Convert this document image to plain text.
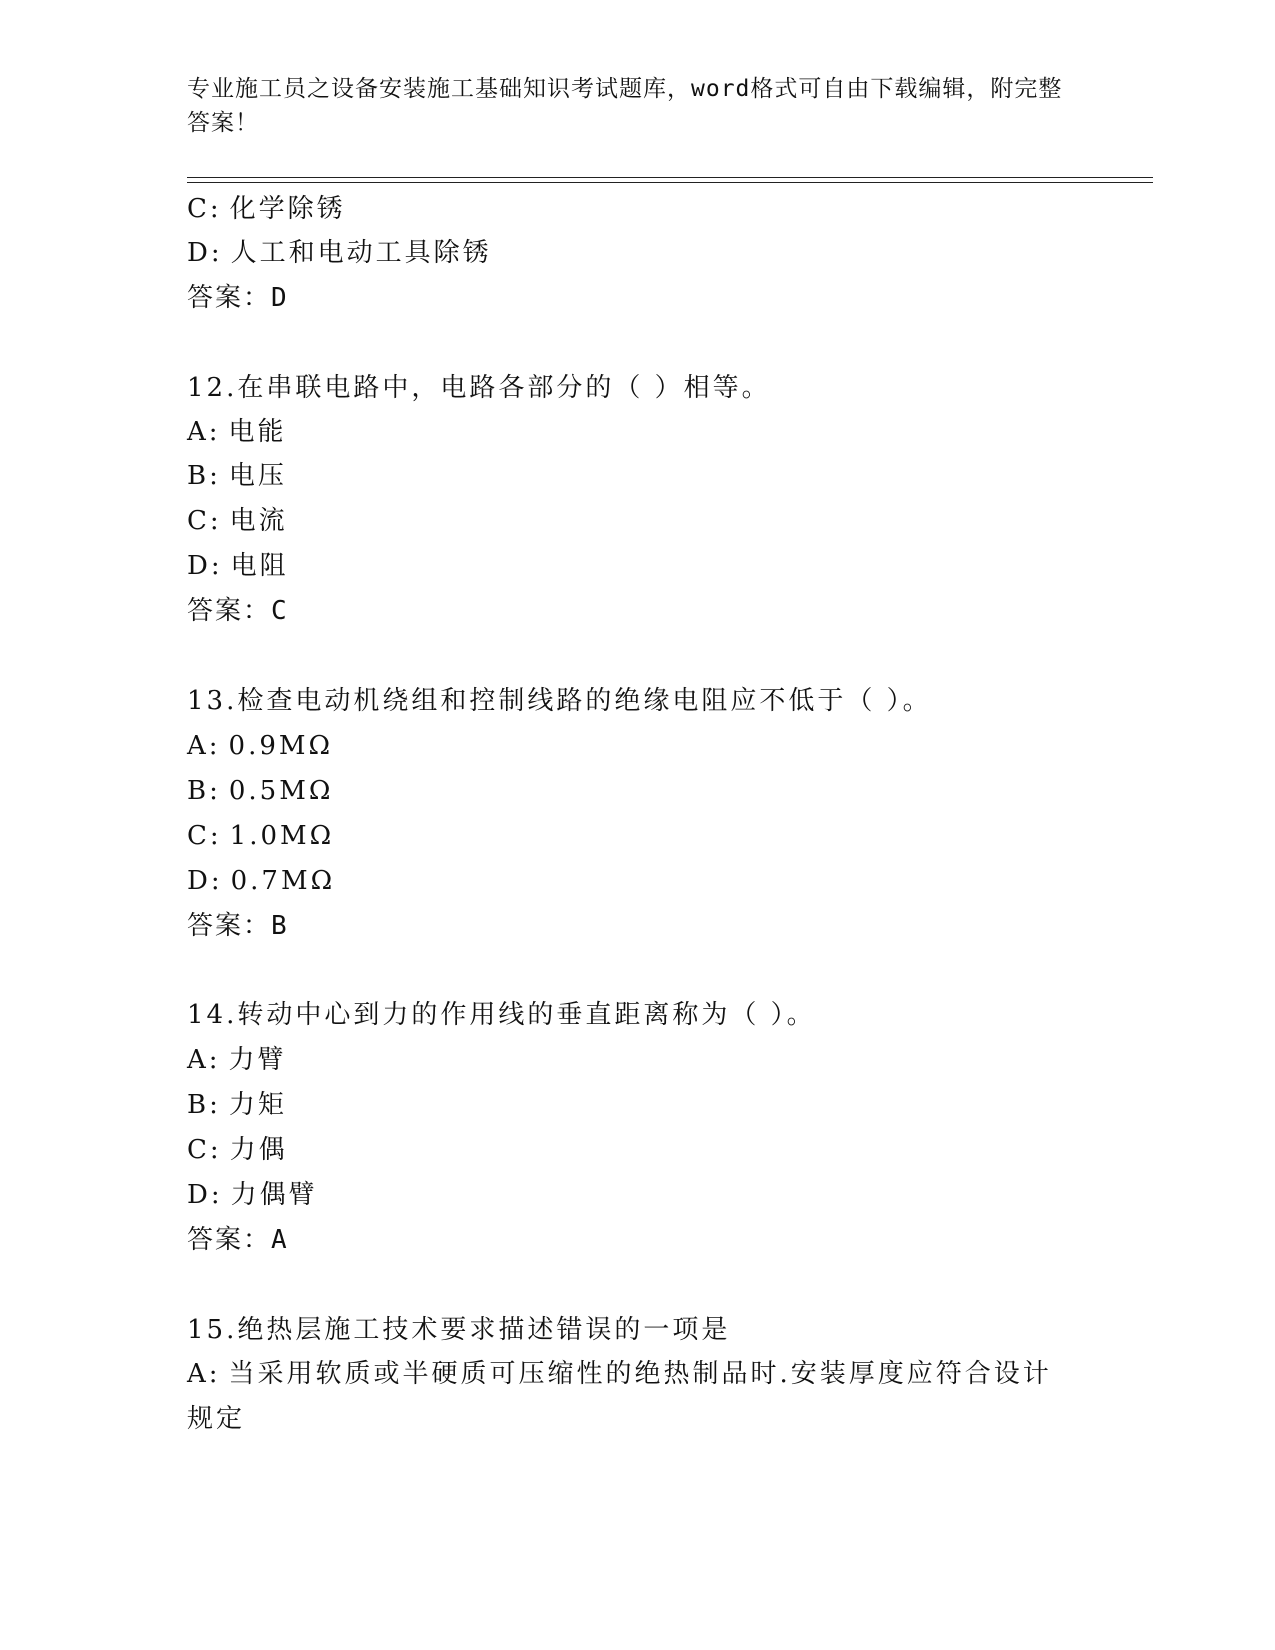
专业施工员之设备安装施工基础知识考试题库，word格式可自由下载编辑，附完整答案！
C: 化学除锈
D: 人工和电动工具除锈
答案：D
12.在串联电路中，电路各部分的（ ）相等。
A: 电能
B: 电压
C: 电流
D: 电阻
答案：C
13.检查电动机绕组和控制线路的绝缘电阻应不低于（ ）。
A: 0.9MΩ
B: 0.5MΩ
C: 1.0MΩ
D: 0.7MΩ
答案：B
14.转动中心到力的作用线的垂直距离称为（ ）。
A: 力臂
B: 力矩
C: 力偶
D: 力偶臂
答案：A
15.绝热层施工技术要求描述错误的一项是
A: 当采用软质或半硬质可压缩性的绝热制品时.安装厚度应符合设计规定
